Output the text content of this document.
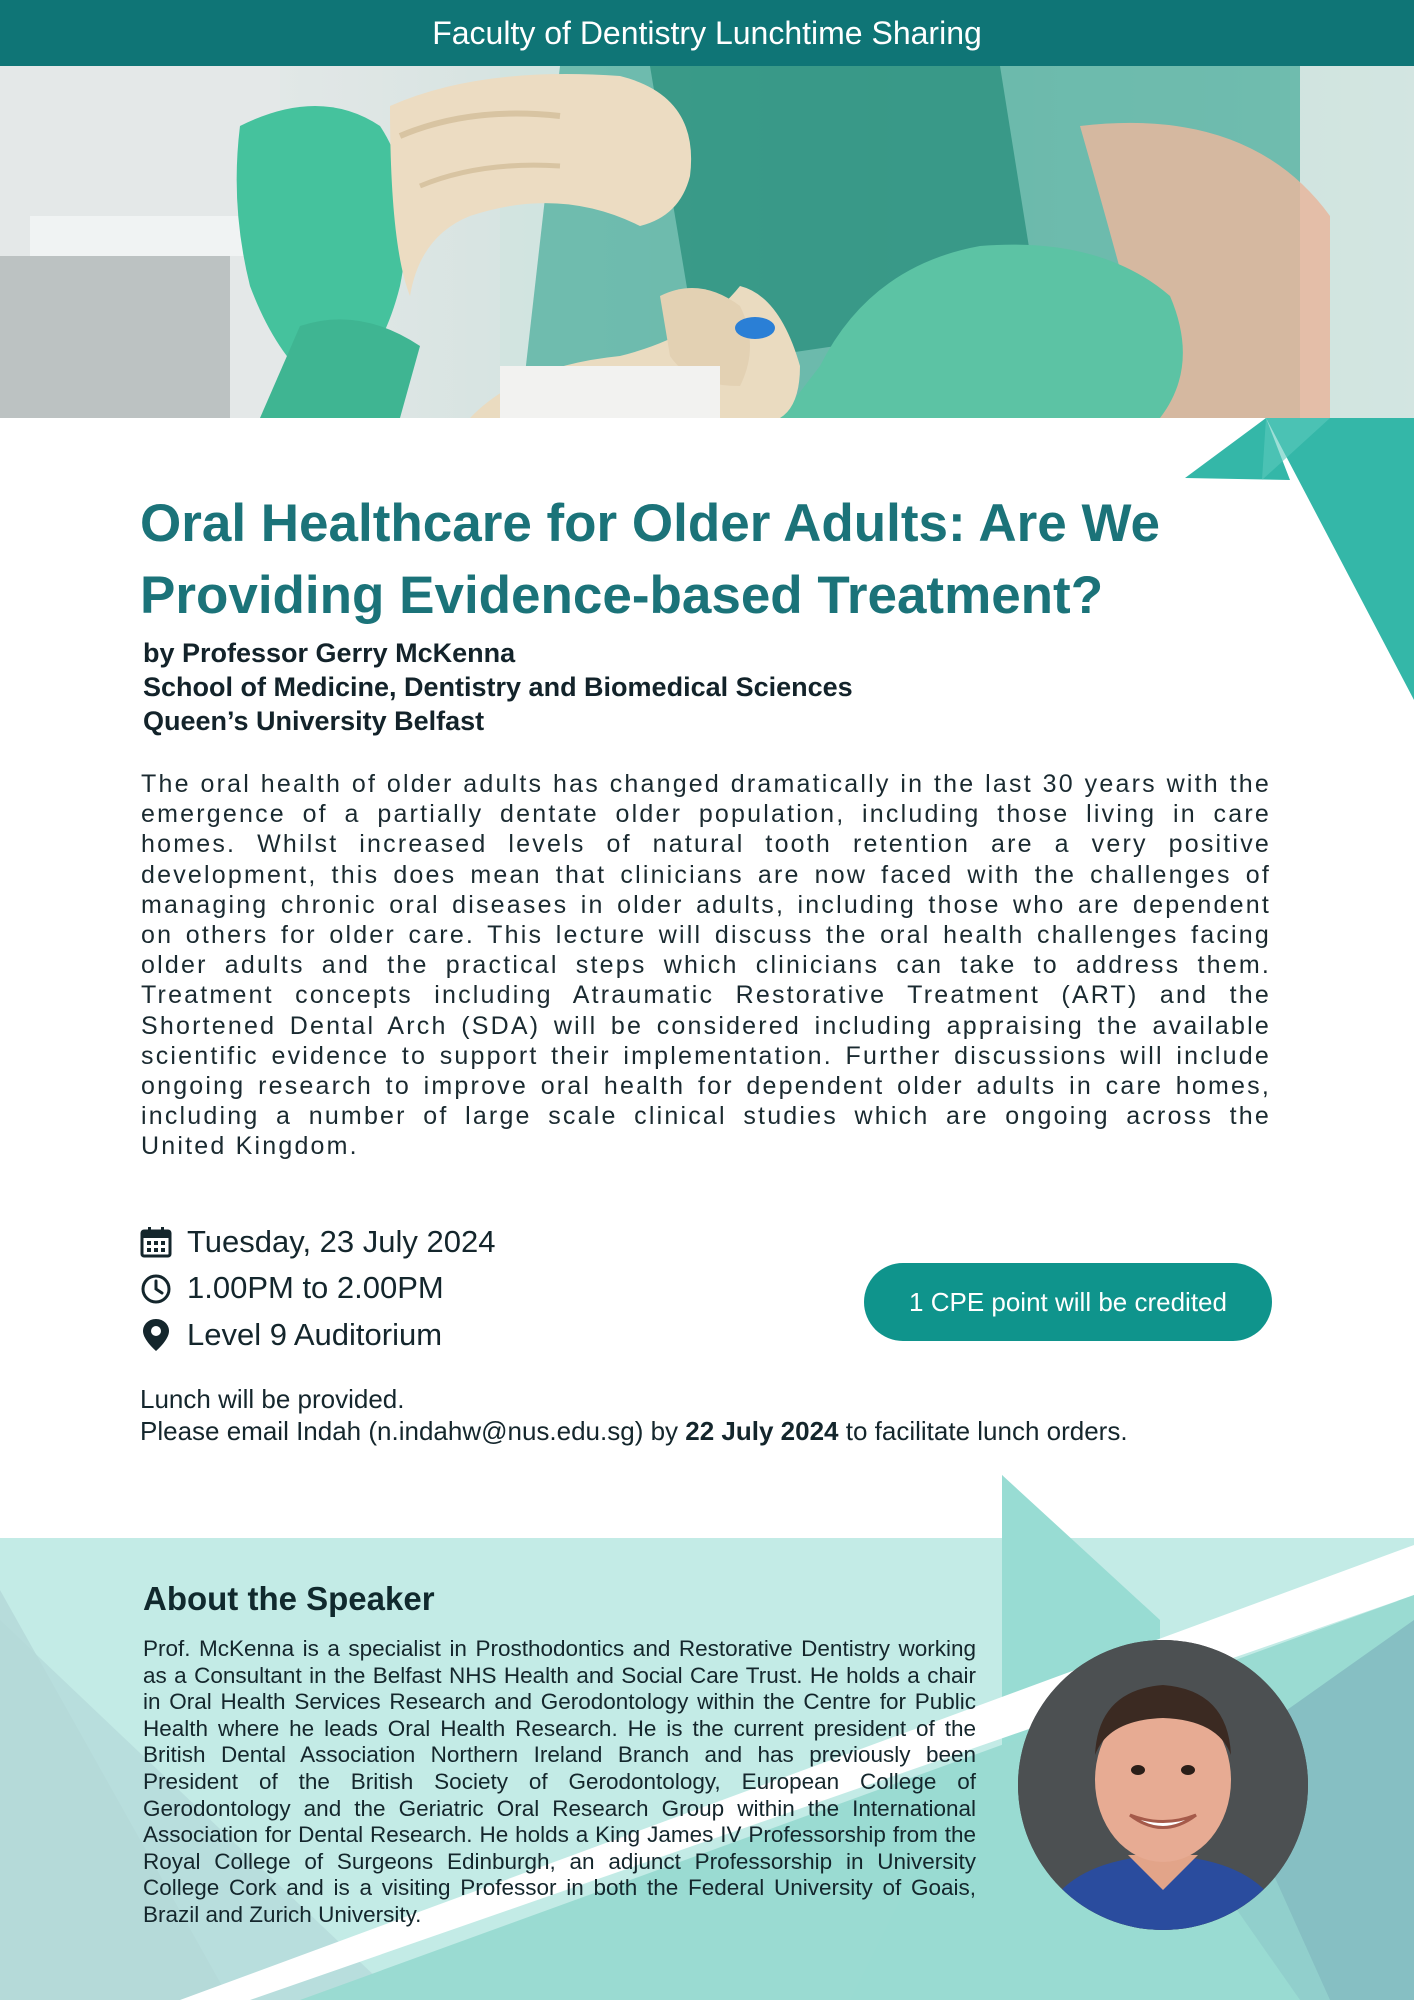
Faculty of Dentistry Lunchtime Sharing
Oral Healthcare for Older Adults: Are We Providing Evidence-based Treatment?
by Professor Gerry McKenna
School of Medicine, Dentistry and Biomedical Sciences
Queen’s University Belfast

The oral health of older adults has changed dramatically in the last 30 years with the emergence of a partially dentate older population, including those living in care homes. Whilst increased levels of natural tooth retention are a very positive development, this does mean that clinicians are now faced with the challenges of managing chronic oral diseases in older adults, including those who are dependent on others for older care. This lecture will discuss the oral health challenges facing older adults and the practical steps which clinicians can take to address them. Treatment concepts including Atraumatic Restorative Treatment (ART) and the Shortened Dental Arch (SDA) will be considered including appraising the available scientific evidence to support their implementation. Further discussions will include ongoing research to improve oral health for dependent older adults in care homes, including a number of large scale clinical studies which are ongoing across the United Kingdom.

Tuesday, 23 July 2024
1.00PM to 2.00PM
Level 9 Auditorium
1 CPE point will be credited
Lunch will be provided.
Please email Indah (n.indahw@nus.edu.sg) by 22 July 2024 to facilitate lunch orders.
About the Speaker

Prof. McKenna is a specialist in Prosthodontics and Restorative Dentistry working as a Consultant in the Belfast NHS Health and Social Care Trust. He holds a chair in Oral Health Services Research and Gerodontology within the Centre for Public Health where he leads Oral Health Research. He is the current president of the British Dental Association Northern Ireland Branch and has previously been President of the British Society of Gerodontology, European College of Gerodontology and the Geriatric Oral Research Group within the International Association for Dental Research. He holds a King James IV Professorship from the Royal College of Surgeons Edinburgh, an adjunct Professorship in University College Cork and is a visiting Professor in both the Federal University of Goais, Brazil and Zurich University.
